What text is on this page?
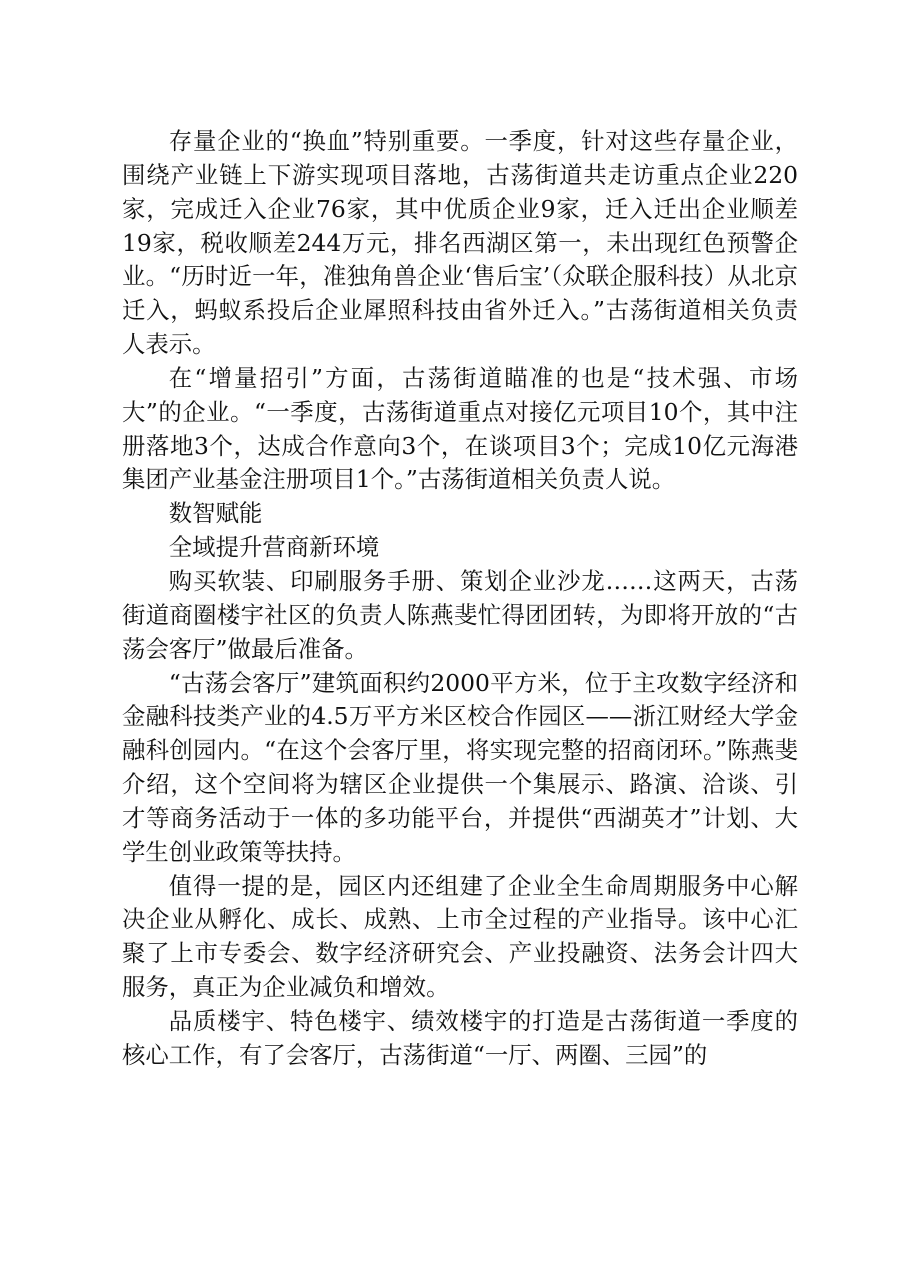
存量企业的“换血”特别重要。一季度，针对这些存量企业，围绕产业链上下游实现项目落地，古荡街道共走访重点企业220家，完成迁入企业76家，其中优质企业9家，迁入迁出企业顺差19家，税收顺差244万元，排名西湖区第一，未出现红色预警企业。“历时近一年，准独角兽企业‘售后宝’（众联企服科技）从北京迁入，蚂蚁系投后企业犀照科技由省外迁入。”古荡街道相关负责人表示。

在“增量招引”方面，古荡街道瞄准的也是“技术强、市场大”的企业。“一季度，古荡街道重点对接亿元项目10个，其中注册落地3个，达成合作意向3个，在谈项目3个；完成10亿元海港集团产业基金注册项目1个。”古荡街道相关负责人说。

数智赋能

全域提升营商新环境

购买软装、印刷服务手册、策划企业沙龙……这两天，古荡街道商圈楼宇社区的负责人陈燕斐忙得团团转，为即将开放的“古荡会客厅”做最后准备。

“古荡会客厅”建筑面积约2000平方米，位于主攻数字经济和金融科技类产业的4.5万平方米区校合作园区——浙江财经大学金融科创园内。“在这个会客厅里，将实现完整的招商闭环。”陈燕斐介绍，这个空间将为辖区企业提供一个集展示、路演、洽谈、引才等商务活动于一体的多功能平台，并提供“西湖英才”计划、大学生创业政策等扶持。

值得一提的是，园区内还组建了企业全生命周期服务中心解决企业从孵化、成长、成熟、上市全过程的产业指导。该中心汇聚了上市专委会、数字经济研究会、产业投融资、法务会计四大服务，真正为企业减负和增效。

品质楼宇、特色楼宇、绩效楼宇的打造是古荡街道一季度的核心工作，有了会客厅，古荡街道“一厅、两圈、三园”的
